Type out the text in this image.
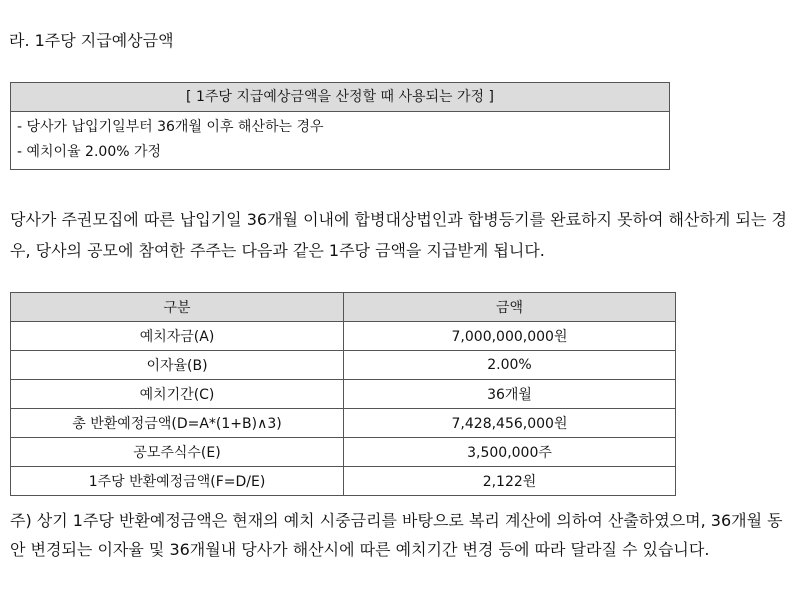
라. 1주당 지급예상금액
[ 1주당 지급예상금액을 산정할 때 사용되는 가정 ]
- 당사가 납입기일부터 36개월 이후 해산하는 경우
- 예치이율 2.00% 가정
당사가 주권모집에 따른 납입기일 36개월 이내에 합병대상법인과 합병등기를 완료하지 못하여 해산하게 되는 경우, 당사의 공모에 참여한 주주는 다음과 같은 1주당 금액을 지급받게 됩니다.
구분	금액
예치자금(A)	7,000,000,000원
이자율(B)	2.00%
예치기간(C)	36개월
총 반환예정금액(D=A*(1+B)∧3)	7,428,456,000원
공모주식수(E)	3,500,000주
1주당 반환예정금액(F=D/E)	2,122원
주) 상기 1주당 반환예정금액은 현재의 예치 시중금리를 바탕으로 복리 계산에 의하여 산출하였으며, 36개월 동안 변경되는 이자율 및 36개월내 당사가 해산시에 따른 예치기간 변경 등에 따라 달라질 수 있습니다.
